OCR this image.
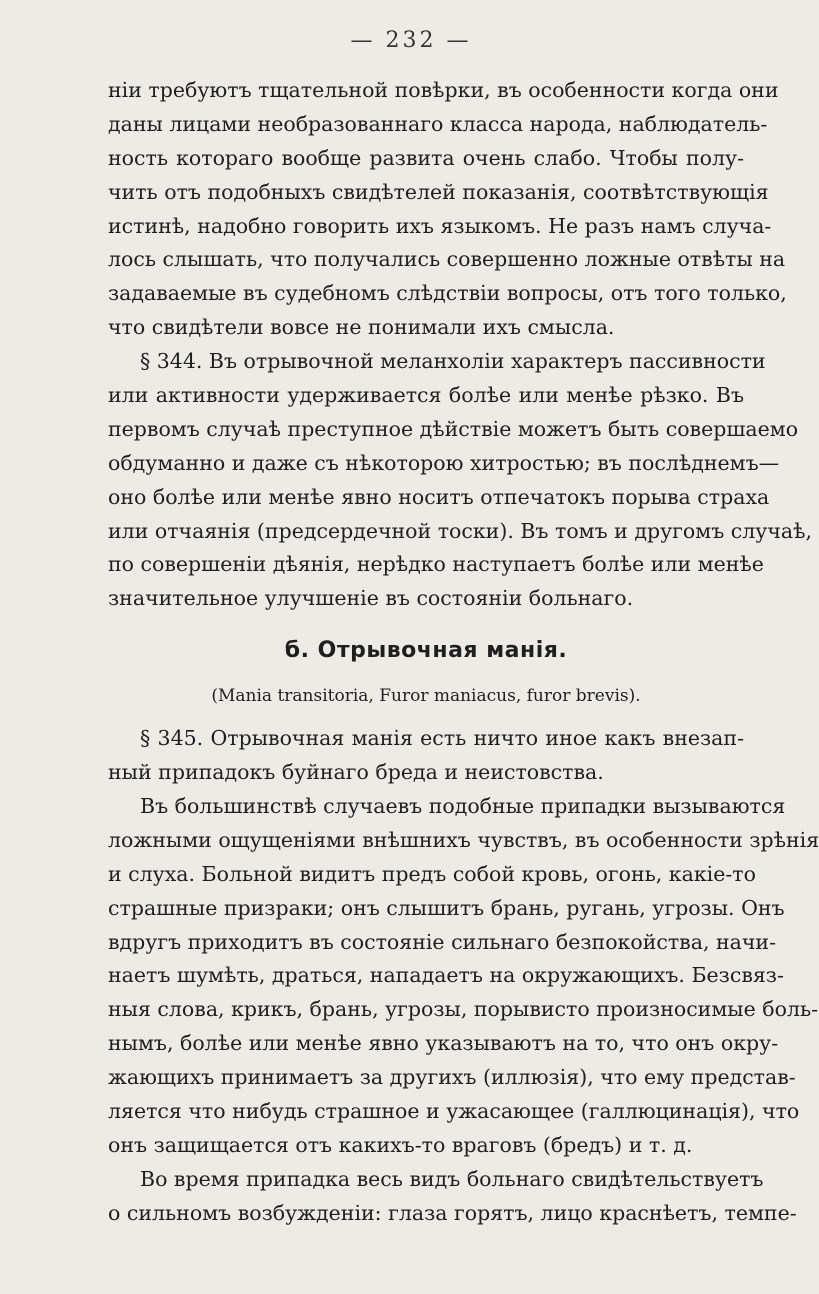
— 232 —
ніи требуютъ тщательной повѣрки, въ особенности когда они
даны лицами необразованнаго класса народа, наблюдатель-
ность котораго вообще развита очень слабо. Чтобы полу-
чить отъ подобныхъ свидѣтелей показанія, соотвѣтствующія
истинѣ, надобно говорить ихъ языкомъ. Не разъ намъ случа-
лось слышать, что получались совершенно ложные отвѣты на
задаваемые въ судебномъ слѣдствіи вопросы, отъ того только,
что свидѣтели вовсе не понимали ихъ смысла.
§ 344. Въ отрывочной меланхоліи характеръ пассивности
или активности удерживается болѣе или менѣе рѣзко. Въ
первомъ случаѣ преступное дѣйствіе можетъ быть совершаемо
обдуманно и даже съ нѣкоторою хитростью; въ послѣднемъ—
оно болѣе или менѣе явно носитъ отпечатокъ порыва страха
или отчаянія (предсердечной тоски). Въ томъ и другомъ случаѣ,
по совершеніи дѣянія, нерѣдко наступаетъ болѣе или менѣе
значительное улучшеніе въ состояніи больнаго.
б. Отрывочная манія.
(Mania transitoria, Furor maniacus, furor brevis).
§ 345. Отрывочная манія есть ничто иное какъ внезап-
ный припадокъ буйнаго бреда и неистовства.
Въ большинствѣ случаевъ подобные припадки вызываются
ложными ощущеніями внѣшнихъ чувствъ, въ особенности зрѣнія
и слуха. Больной видитъ предъ собой кровь, огонь, какіе-то
страшные призраки; онъ слышитъ брань, ругань, угрозы. Онъ
вдругъ приходитъ въ состояніе сильнаго безпокойства, начи-
наетъ шумѣть, драться, нападаетъ на окружающихъ. Безсвяз-
ныя слова, крикъ, брань, угрозы, порывисто произносимые боль-
нымъ, болѣе или менѣе явно указываютъ на то, что онъ окру-
жающихъ принимаетъ за другихъ (иллюзія), что ему представ-
ляется что нибудь страшное и ужасающее (галлюцинація), что
онъ защищается отъ какихъ-то враговъ (бредъ) и т. д.
Во время припадка весь видъ больнаго свидѣтельствуетъ
о сильномъ возбужденіи: глаза горятъ, лицо краснѣетъ, темпе-
